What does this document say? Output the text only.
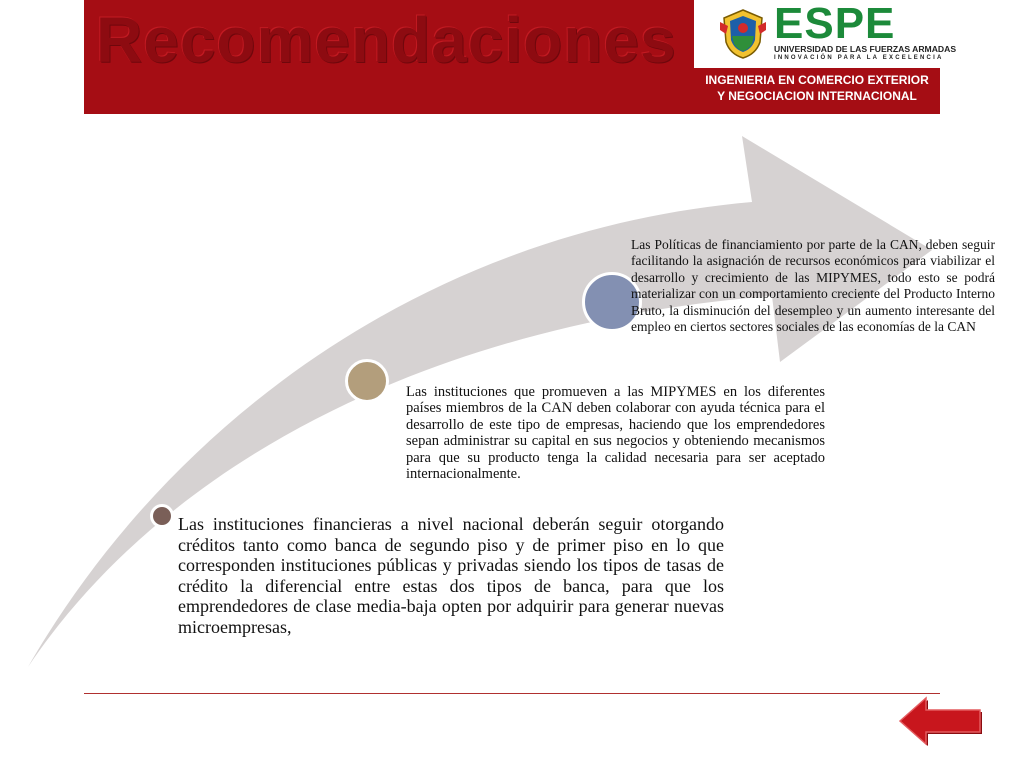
Recomendaciones ESPE
UNIVERSIDAD DE LAS FUERZAS ARMADAS
INNOVACIÓN PARA LA EXCELENCIA
INGENIERIA EN COMERCIO EXTERIOR
Y NEGOCIACION INTERNACIONAL
Las instituciones financieras a nivel nacional deberán seguir otorgando créditos tanto como banca de segundo piso y de primer piso en lo que corresponden instituciones públicas y privadas siendo los tipos de tasas de crédito la diferencial entre estas dos tipos de banca, para que los emprendedores de clase media-baja opten por adquirir para generar nuevas microempresas,
Las instituciones que promueven a las MIPYMES en los diferentes países miembros de la CAN deben colaborar con ayuda técnica para el desarrollo de este tipo de empresas, haciendo que los emprendedores sepan administrar su capital en sus negocios y obteniendo mecanismos para que su producto tenga la calidad necesaria para ser aceptado internacionalmente.
Las Políticas de financiamiento por parte de la CAN, deben seguir facilitando la asignación de recursos económicos para viabilizar el desarrollo y crecimiento de las MIPYMES, todo esto se podrá materializar con un comportamiento creciente del Producto Interno Bruto, la disminución del desempleo y un aumento interesante del empleo en ciertos sectores sociales de las economías de la CAN
